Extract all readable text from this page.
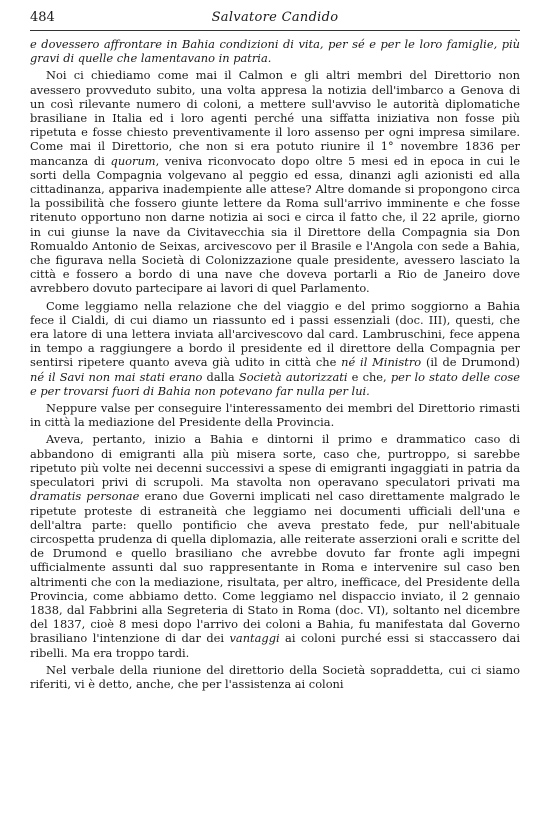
484	Salvatore Candido

e dovessero affrontare in Bahia condizioni di vita, per sé e per le loro famiglie, più gravi di quelle che lamentavano in patria.

Noi ci chiediamo come mai il Calmon e gli altri membri del Direttorio non avessero provveduto subito, una volta appresa la notizia dell'imbarco a Genova di un così rilevante numero di coloni, a mettere sull'avviso le autorità diplomatiche brasiliane in Italia ed i loro agenti perché una siffatta iniziativa non fosse più ripetuta e fosse chiesto preventivamente il loro assenso per ogni impresa similare. Come mai il Direttorio, che non si era potuto riunire il 1° novembre 1836 per mancanza di quorum, veniva riconvocato dopo oltre 5 mesi ed in epoca in cui le sorti della Compagnia volgevano al peggio ed essa, dinanzi agli azionisti ed alla cittadinanza, appariva inadempiente alle attese? Altre domande si propongono circa la possibilità che fossero giunte lettere da Roma sull'arrivo imminente e che fosse ritenuto opportuno non darne notizia ai soci e circa il fatto che, il 22 aprile, giorno in cui giunse la nave da Civitavecchia sia il Direttore della Compagnia sia Don Romualdo Antonio de Seixas, arcivescovo per il Brasile e l'Angola con sede a Bahia, che figurava nella Società di Colonizzazione quale presidente, avessero lasciato la città e fossero a bordo di una nave che doveva portarli a Rio de Janeiro dove avrebbero dovuto partecipare ai lavori di quel Parlamento.

Come leggiamo nella relazione che del viaggio e del primo soggiorno a Bahia fece il Cialdi, di cui diamo un riassunto ed i passi essenziali (doc. III), questi, che era latore di una lettera inviata all'arcivescovo dal card. Lambruschini, fece appena in tempo a raggiungere a bordo il presidente ed il direttore della Compagnia per sentirsi ripetere quanto aveva già udito in città che né il Ministro (il de Drumond) né il Savi non mai stati erano dalla Società autorizzati e che, per lo stato delle cose e per trovarsi fuori di Bahia non potevano far nulla per lui.

Neppure valse per conseguire l'interessamento dei membri del Direttorio rimasti in città la mediazione del Presidente della Provincia.

Aveva, pertanto, inizio a Bahia e dintorni il primo e drammatico caso di abbandono di emigranti alla più misera sorte, caso che, purtroppo, si sarebbe ripetuto più volte nei decenni successivi a spese di emigranti ingaggiati in patria da speculatori privi di scrupoli. Ma stavolta non operavano speculatori privati ma dramatis personae erano due Governi implicati nel caso direttamente malgrado le ripetute proteste di estraneità che leggiamo nei documenti ufficiali dell'una e dell'altra parte: quello pontificio che aveva prestato fede, pur nell'abituale circospetta prudenza di quella diplomazia, alle reiterate asserzioni orali e scritte del de Drumond e quello brasiliano che avrebbe dovuto far fronte agli impegni ufficialmente assunti dal suo rappresentante in Roma e intervenire sul caso ben altrimenti che con la mediazione, risultata, per altro, inefficace, del Presidente della Provincia, come abbiamo detto. Come leggiamo nel dispaccio inviato, il 2 gennaio 1838, dal Fabbrini alla Segreteria di Stato in Roma (doc. VI), soltanto nel dicembre del 1837, cioè 8 mesi dopo l'arrivo dei coloni a Bahia, fu manifestata dal Governo brasiliano l'intenzione di dar dei vantaggi ai coloni purché essi si staccassero dai ribelli. Ma era troppo tardi.

Nel verbale della riunione del direttorio della Società sopraddetta, cui ci siamo riferiti, vi è detto, anche, che per l'assistenza ai coloni
